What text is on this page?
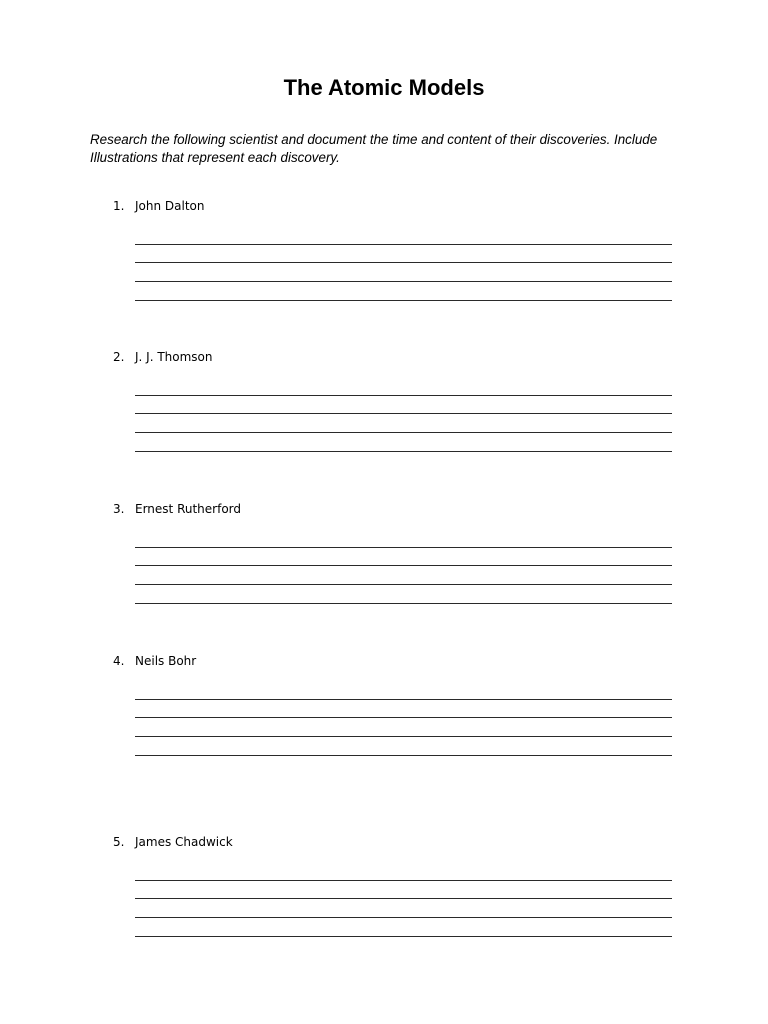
The Atomic Models

Research the following scientist and document the time and content of their discoveries. Include Illustrations that represent each discovery.

1. John Dalton
2. J. J. Thomson
3. Ernest Rutherford
4. Neils Bohr
5. James Chadwick
